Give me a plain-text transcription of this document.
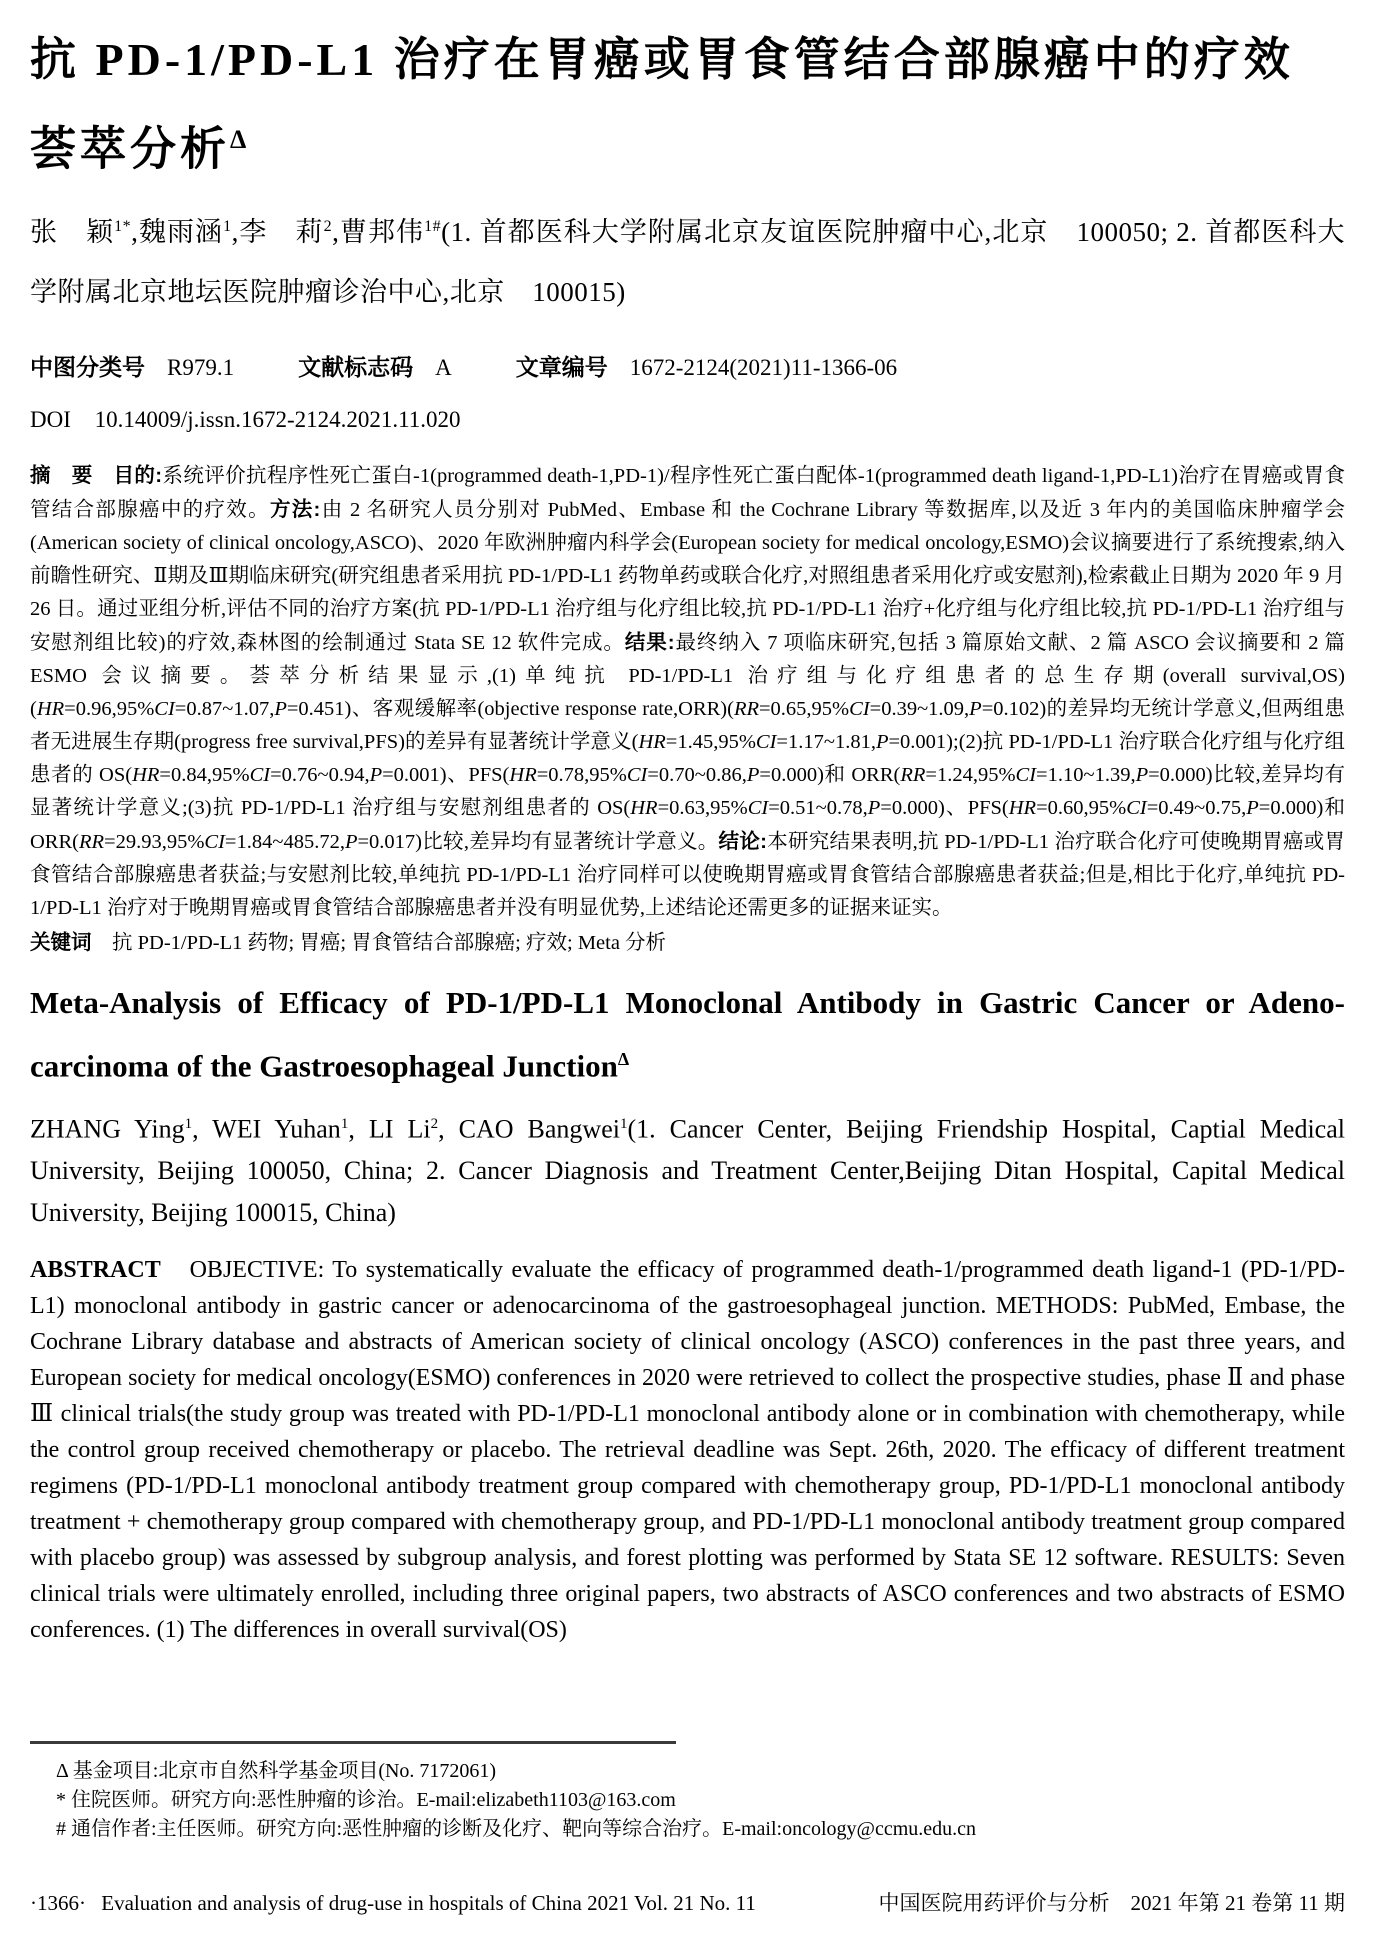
抗 PD-1/PD-L1 治疗在胃癌或胃食管结合部腺癌中的疗效
荟萃分析$^\Delta$
张　颖$^{1*}$,魏雨涵$^1$,李　莉$^2$,曹邦伟$^{1\#}$(1. 首都医科大学附属北京友谊医院肿瘤中心,北京　100050; 2. 首都医科大学附属北京地坛医院肿瘤诊治中心,北京　100015)
中图分类号 R979.1	文献标志码 A	文章编号 1672-2124(2021)11-1366-06
DOI 10.14009/j.issn.1672-2124.2021.11.020
摘　要　 目的:系统评价抗程序性死亡蛋白-1(programmed death-1,PD-1)/程序性死亡蛋白配体-1(programmed death ligand-1,PD-L1)治疗在胃癌或胃食管结合部腺癌中的疗效。方法:由 2 名研究人员分别对 PubMed、Embase 和 the Cochrane Library 等数据库,以及近 3 年内的美国临床肿瘤学会(American society of clinical oncology,ASCO)、2020 年欧洲肿瘤内科学会(European society for medical oncology,ESMO)会议摘要进行了系统搜索,纳入前瞻性研究、Ⅱ期及Ⅲ期临床研究(研究组患者采用抗 PD-1/PD-L1 药物单药或联合化疗,对照组患者采用化疗或安慰剂),检索截止日期为 2020 年 9 月 26 日。通过亚组分析,评估不同的治疗方案(抗 PD-1/PD-L1 治疗组与化疗组比较,抗 PD-1/PD-L1 治疗+化疗组与化疗组比较,抗 PD-1/PD-L1 治疗组与安慰剂组比较)的疗效,森林图的绘制通过 Stata SE 12 软件完成。结果:最终纳入 7 项临床研究,包括 3 篇原始文献、2 篇 ASCO 会议摘要和 2 篇 ESMO 会议摘要。荟萃分析结果显示,(1)单纯抗 PD-1/PD-L1 治疗组与化疗组患者的总生存期(overall survival,OS)(HR=0.96,95%CI=0.87~1.07,P=0.451)、客观缓解率(objective response rate,ORR)(RR=0.65,95%CI=0.39~1.09,P=0.102)的差异均无统计学意义,但两组患者无进展生存期(progress free survival,PFS)的差异有显著统计学意义(HR=1.45,95%CI=1.17~1.81,P=0.001);(2)抗 PD-1/PD-L1 治疗联合化疗组与化疗组患者的 OS(HR=0.84,95%CI=0.76~0.94,P=0.001)、PFS(HR=0.78,95%CI=0.70~0.86,P=0.000)和 ORR(RR=1.24,95%CI=1.10~1.39,P=0.000)比较,差异均有显著统计学意义;(3)抗 PD-1/PD-L1 治疗组与安慰剂组患者的 OS(HR=0.63,95%CI=0.51~0.78,P=0.000)、PFS(HR=0.60,95%CI=0.49~0.75,P=0.000)和 ORR(RR=29.93,95%CI=1.84~485.72,P=0.017)比较,差异均有显著统计学意义。结论:本研究结果表明,抗 PD-1/PD-L1 治疗联合化疗可使晚期胃癌或胃食管结合部腺癌患者获益;与安慰剂比较,单纯抗 PD-1/PD-L1 治疗同样可以使晚期胃癌或胃食管结合部腺癌患者获益;但是,相比于化疗,单纯抗 PD-1/PD-L1 治疗对于晚期胃癌或胃食管结合部腺癌患者并没有明显优势,上述结论还需更多的证据来证实。
关键词　抗 PD-1/PD-L1 药物; 胃癌; 胃食管结合部腺癌; 疗效; Meta 分析
Meta-Analysis of Efficacy of PD-1/PD-L1 Monoclonal Antibody in Gastric Cancer or Adeno-
carcinoma of the Gastroesophageal Junction$^\Delta$
ZHANG Ying$^1$, WEI Yuhan$^1$, LI Li$^2$, CAO Bangwei$^1$(1. Cancer Center, Beijing Friendship Hospital, Captial Medical University, Beijing 100050, China; 2. Cancer Diagnosis and Treatment Center,Beijing Ditan Hospital, Capital Medical University, Beijing 100015, China)
ABSTRACT　OBJECTIVE: To systematically evaluate the efficacy of programmed death-1/programmed death ligand-1 (PD-1/PD-L1) monoclonal antibody in gastric cancer or adenocarcinoma of the gastroesophageal junction. METHODS: PubMed, Embase, the Cochrane Library database and abstracts of American society of clinical oncology (ASCO) conferences in the past three years, and European society for medical oncology(ESMO) conferences in 2020 were retrieved to collect the prospective studies, phase Ⅱ and phase Ⅲ clinical trials(the study group was treated with PD-1/PD-L1 monoclonal antibody alone or in combination with chemotherapy, while the control group received chemotherapy or placebo. The retrieval deadline was Sept. 26th, 2020. The efficacy of different treatment regimens (PD-1/PD-L1 monoclonal antibody treatment group compared with chemotherapy group, PD-1/PD-L1 monoclonal antibody treatment + chemotherapy group compared with chemotherapy group, and PD-1/PD-L1 monoclonal antibody treatment group compared with placebo group) was assessed by subgroup analysis, and forest plotting was performed by Stata SE 12 software. RESULTS: Seven clinical trials were ultimately enrolled, including three original papers, two abstracts of ASCO conferences and two abstracts of ESMO conferences. (1) The differences in overall survival(OS)
Δ 基金项目:北京市自然科学基金项目(No. 7172061)
* 住院医师。研究方向:恶性肿瘤的诊治。E-mail:elizabeth1103@163.com
# 通信作者:主任医师。研究方向:恶性肿瘤的诊断及化疗、靶向等综合治疗。E-mail:oncology@ccmu.edu.cn
·1366· Evaluation and analysis of drug-use in hospitals of China 2021 Vol. 21 No. 11	中国医院用药评价与分析　2021 年第 21 卷第 11 期
